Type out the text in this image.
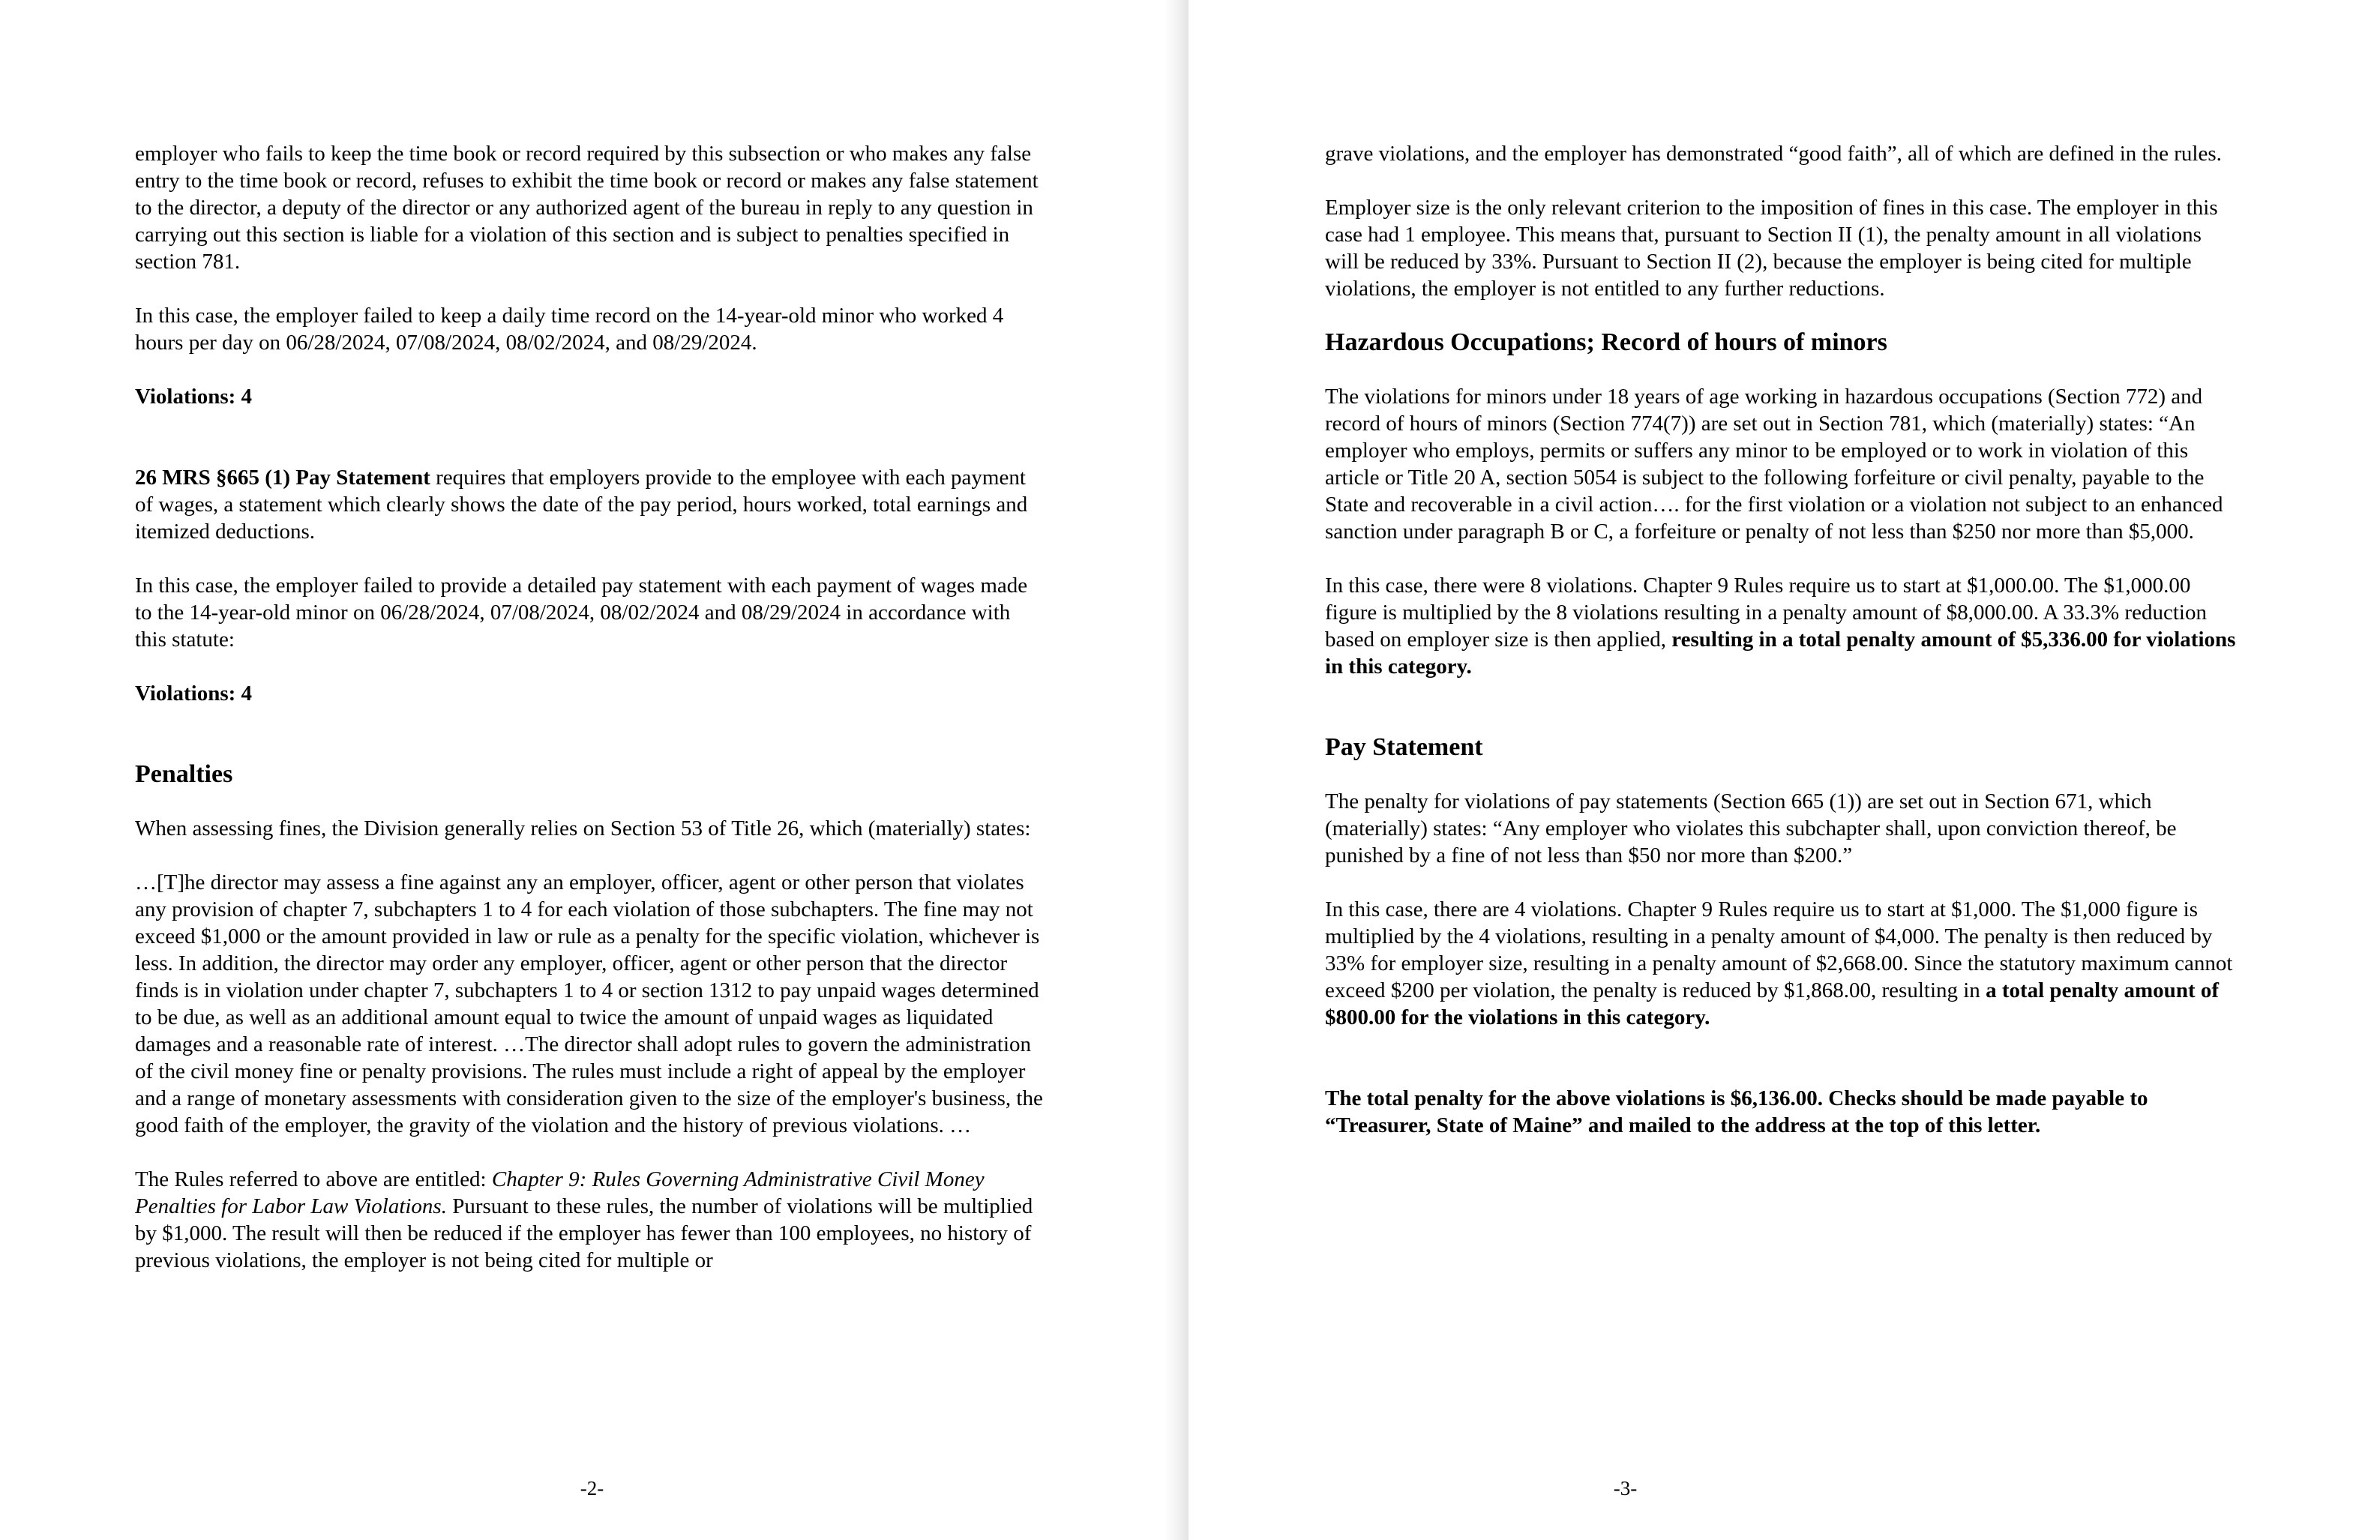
employer who fails to keep the time book or record required by this subsection or who makes any false entry to the time book or record, refuses to exhibit the time book or record or makes any false statement to the director, a deputy of the director or any authorized agent of the bureau in reply to any question in carrying out this section is liable for a violation of this section and is subject to penalties specified in section 781.

In this case, the employer failed to keep a daily time record on the 14-year-old minor who worked 4 hours per day on 06/28/2024, 07/08/2024, 08/02/2024, and 08/29/2024.

Violations: 4

26 MRS §665 (1) Pay Statement requires that employers provide to the employee with each payment of wages, a statement which clearly shows the date of the pay period, hours worked, total earnings and itemized deductions.

In this case, the employer failed to provide a detailed pay statement with each payment of wages made to the 14-year-old minor on 06/28/2024, 07/08/2024, 08/02/2024 and 08/29/2024 in accordance with this statute:

Violations: 4

Penalties

When assessing fines, the Division generally relies on Section 53 of Title 26, which (materially) states:

…[T]he director may assess a fine against any an employer, officer, agent or other person that violates any provision of chapter 7, subchapters 1 to 4 for each violation of those subchapters. The fine may not exceed $1,000 or the amount provided in law or rule as a penalty for the specific violation, whichever is less. In addition, the director may order any employer, officer, agent or other person that the director finds is in violation under chapter 7, subchapters 1 to 4 or section 1312 to pay unpaid wages determined to be due, as well as an additional amount equal to twice the amount of unpaid wages as liquidated damages and a reasonable rate of interest. …The director shall adopt rules to govern the administration of the civil money fine or penalty provisions. The rules must include a right of appeal by the employer and a range of monetary assessments with consideration given to the size of the employer's business, the good faith of the employer, the gravity of the violation and the history of previous violations. …

The Rules referred to above are entitled: Chapter 9: Rules Governing Administrative Civil Money Penalties for Labor Law Violations. Pursuant to these rules, the number of violations will be multiplied by $1,000. The result will then be reduced if the employer has fewer than 100 employees, no history of previous violations, the employer is not being cited for multiple or

-2-

grave violations, and the employer has demonstrated “good faith”, all of which are defined in the rules.

Employer size is the only relevant criterion to the imposition of fines in this case. The employer in this case had 1 employee. This means that, pursuant to Section II (1), the penalty amount in all violations will be reduced by 33%. Pursuant to Section II (2), because the employer is being cited for multiple violations, the employer is not entitled to any further reductions.

Hazardous Occupations; Record of hours of minors

The violations for minors under 18 years of age working in hazardous occupations (Section 772) and record of hours of minors (Section 774(7)) are set out in Section 781, which (materially) states: “An employer who employs, permits or suffers any minor to be employed or to work in violation of this article or Title 20 A, section 5054 is subject to the following forfeiture or civil penalty, payable to the State and recoverable in a civil action…. for the first violation or a violation not subject to an enhanced sanction under paragraph B or C, a forfeiture or penalty of not less than $250 nor more than $5,000.

In this case, there were 8 violations. Chapter 9 Rules require us to start at $1,000.00. The $1,000.00 figure is multiplied by the 8 violations resulting in a penalty amount of $8,000.00. A 33.3% reduction based on employer size is then applied, resulting in a total penalty amount of $5,336.00 for violations in this category.

Pay Statement

The penalty for violations of pay statements (Section 665 (1)) are set out in Section 671, which (materially) states: “Any employer who violates this subchapter shall, upon conviction thereof, be punished by a fine of not less than $50 nor more than $200.”

In this case, there are 4 violations. Chapter 9 Rules require us to start at $1,000. The $1,000 figure is multiplied by the 4 violations, resulting in a penalty amount of $4,000. The penalty is then reduced by 33% for employer size, resulting in a penalty amount of $2,668.00. Since the statutory maximum cannot exceed $200 per violation, the penalty is reduced by $1,868.00, resulting in a total penalty amount of $800.00 for the violations in this category.

The total penalty for the above violations is $6,136.00. Checks should be made payable to “Treasurer, State of Maine” and mailed to the address at the top of this letter.

-3-
